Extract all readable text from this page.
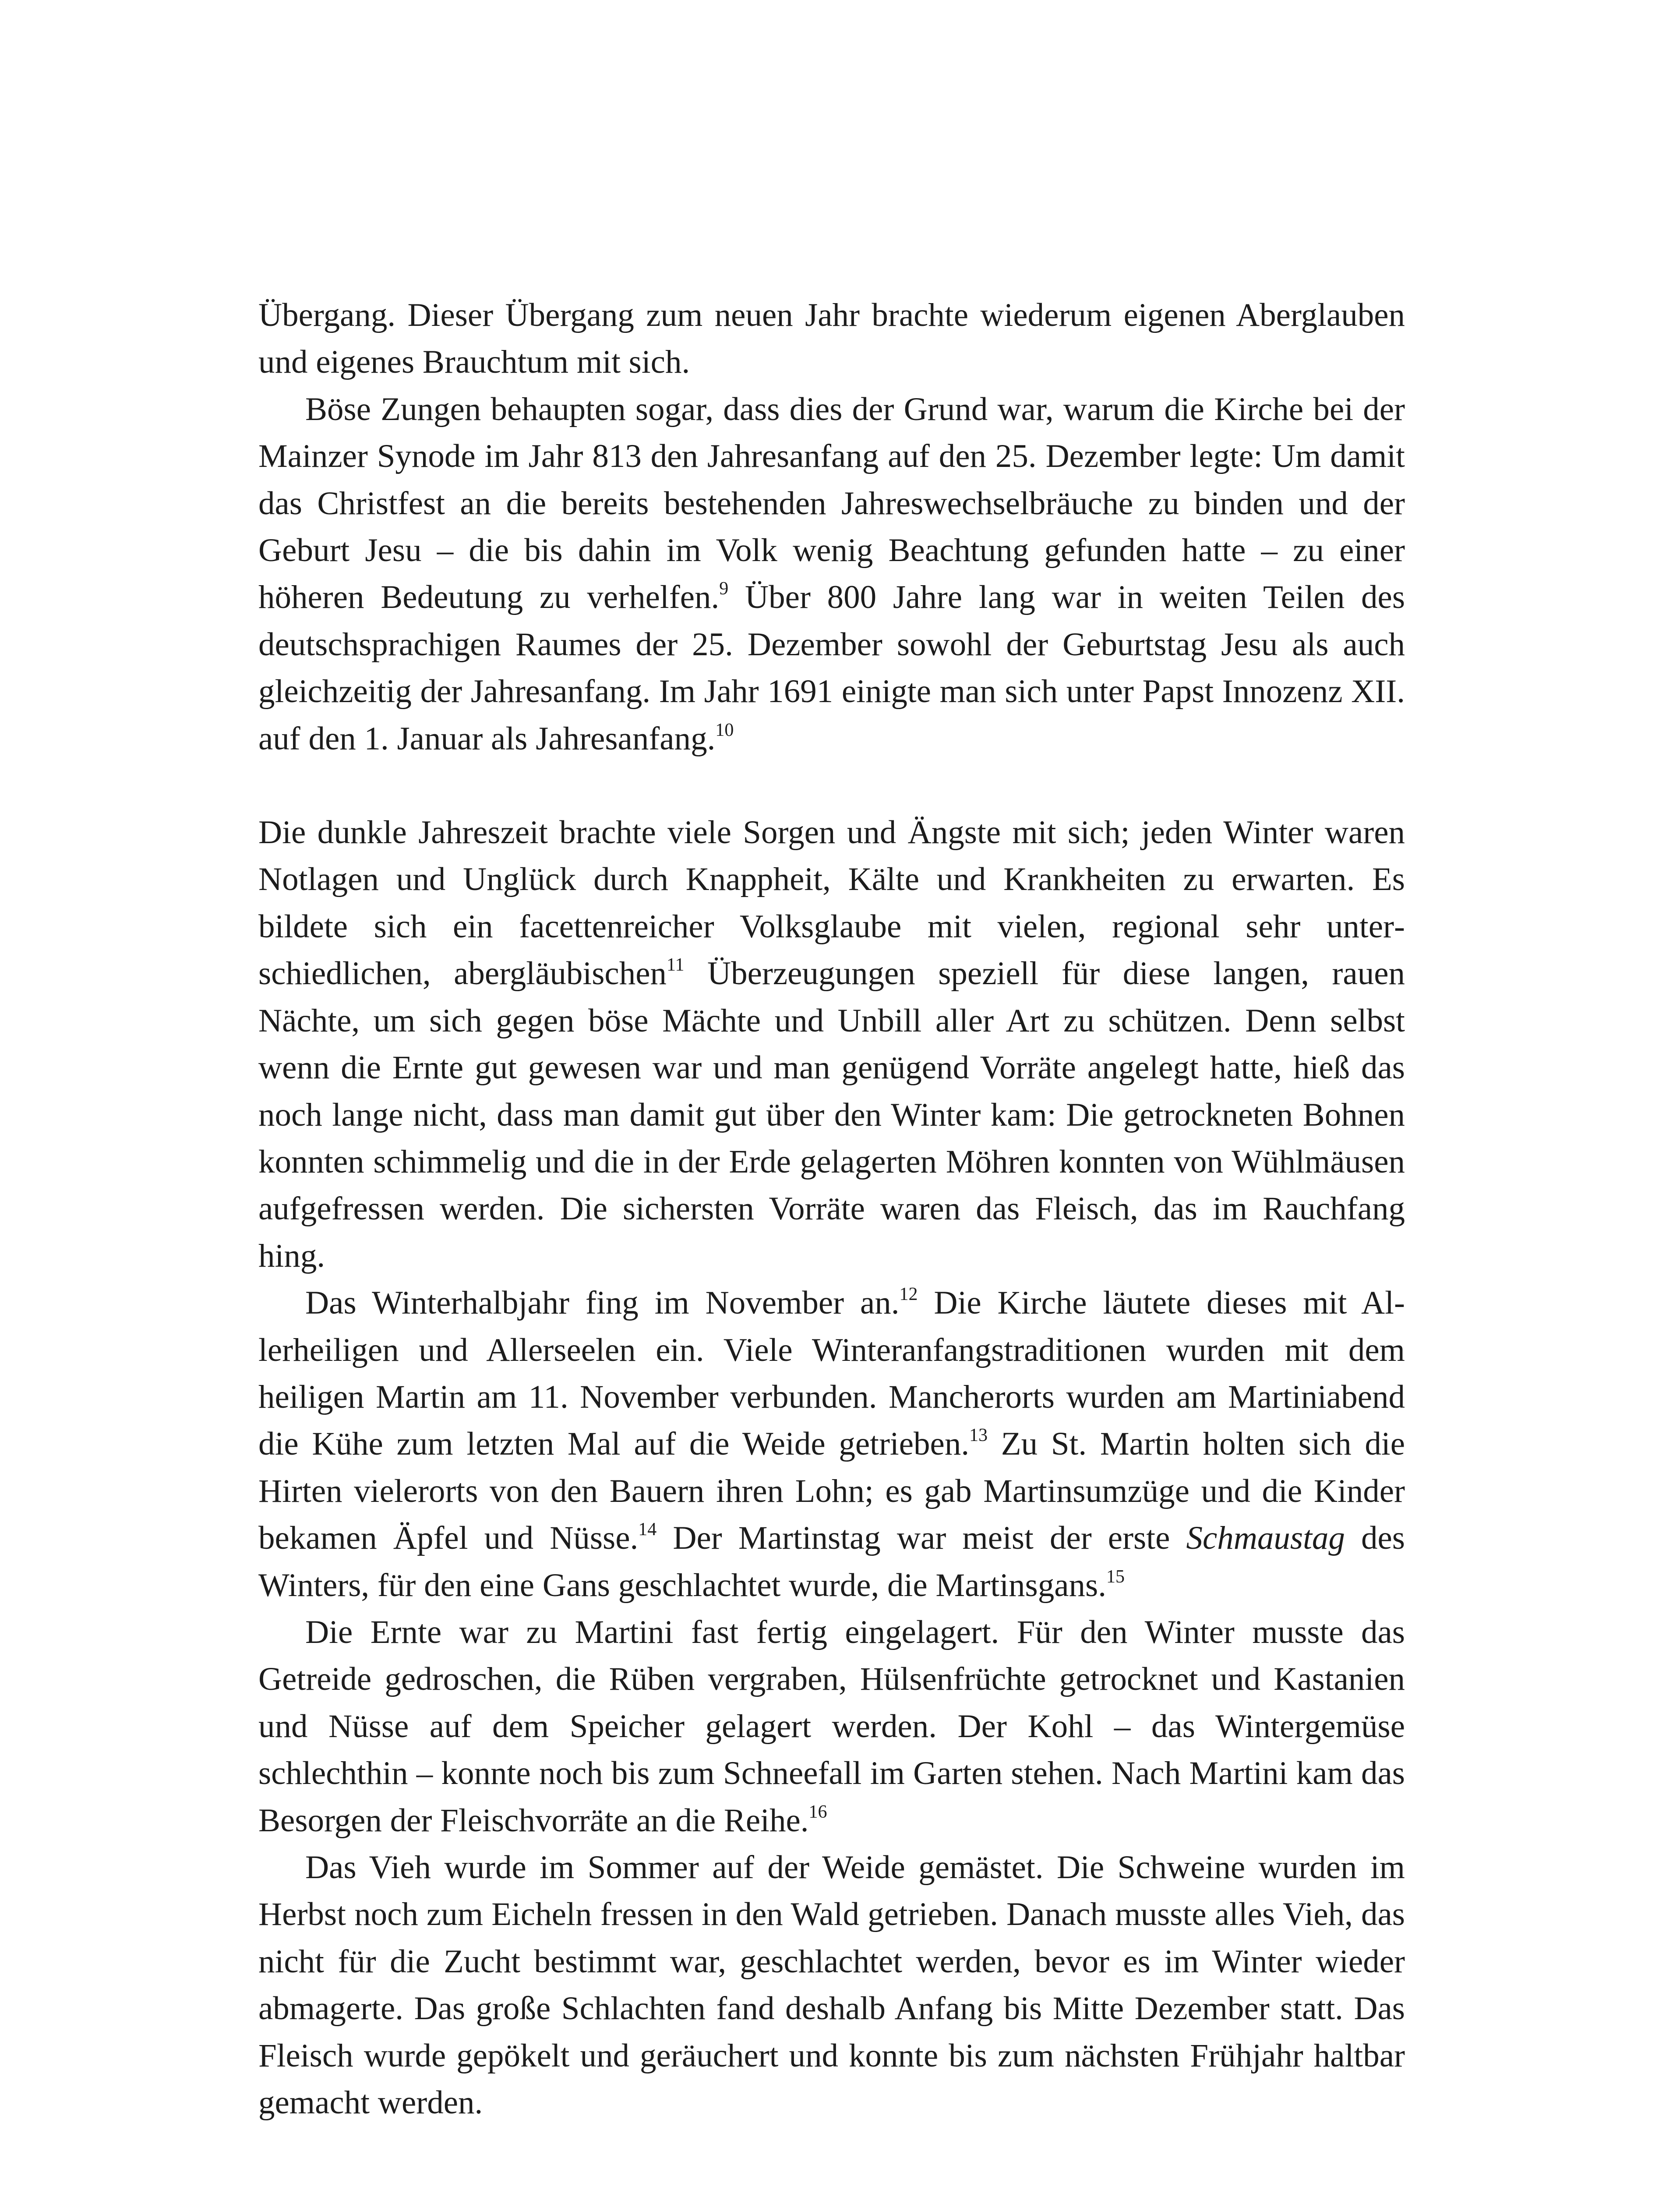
Übergang. Dieser Übergang zum neuen Jahr brachte wiederum eigenen Aberglauben und eigenes Brauchtum mit sich.

Böse Zungen behaupten sogar, dass dies der Grund war, warum die Kirche bei der Mainzer Synode im Jahr 813 den Jahresanfang auf den 25. Dezember legte: Um damit das Christfest an die bereits bestehenden Jahreswechselbräuche zu binden und der Geburt Jesu – die bis dahin im Volk wenig Beachtung gefunden hatte – zu einer höheren Bedeutung zu verhelfen.$^9$ Über 800 Jahre lang war in weiten Teilen des deutschsprachigen Raumes der 25. Dezember sowohl der Geburtstag Jesu als auch gleichzeitig der Jahresanfang. Im Jahr 1691 einigte man sich unter Papst Innozenz XII. auf den 1. Januar als Jahresanfang.$^{10}$

Die dunkle Jahreszeit brachte viele Sorgen und Ängste mit sich; jeden Winter waren Notlagen und Unglück durch Knappheit, Kälte und Krankheiten zu erwarten. Es bildete sich ein facettenreicher Volksglaube mit vielen, regional sehr unterschiedlichen, abergläubischen$^{11}$ Überzeugungen speziell für diese langen, rauen Nächte, um sich gegen böse Mächte und Unbill aller Art zu schützen. Denn selbst wenn die Ernte gut gewesen war und man genügend Vorräte angelegt hatte, hieß das noch lange nicht, dass man damit gut über den Winter kam: Die getrockneten Bohnen konnten schimmelig und die in der Erde gelagerten Möhren konnten von Wühlmäusen aufgefressen werden. Die sichersten Vorräte waren das Fleisch, das im Rauchfang hing.

Das Winterhalbjahr fing im November an.$^{12}$ Die Kirche läutete dieses mit Allerheiligen und Allerseelen ein. Viele Winteranfangstraditionen wurden mit dem heiligen Martin am 11. November verbunden. Mancherorts wurden am Martiniabend die Kühe zum letzten Mal auf die Weide getrieben.$^{13}$ Zu St. Martin holten sich die Hirten vielerorts von den Bauern ihren Lohn; es gab Martinsumzüge und die Kinder bekamen Äpfel und Nüsse.$^{14}$ Der Martinstag war meist der erste Schmaustag des Winters, für den eine Gans geschlachtet wurde, die Martinsgans.$^{15}$

Die Ernte war zu Martini fast fertig eingelagert. Für den Winter musste das Getreide gedroschen, die Rüben vergraben, Hülsenfrüchte getrocknet und Kastanien und Nüsse auf dem Speicher gelagert werden. Der Kohl – das Wintergemüse schlechthin – konnte noch bis zum Schneefall im Garten stehen. Nach Martini kam das Besorgen der Fleischvorräte an die Reihe.$^{16}$

Das Vieh wurde im Sommer auf der Weide gemästet. Die Schweine wurden im Herbst noch zum Eicheln fressen in den Wald getrieben. Danach musste alles Vieh, das nicht für die Zucht bestimmt war, geschlachtet werden, bevor es im Winter wieder abmagerte. Das große Schlachten fand deshalb Anfang bis Mitte Dezember statt. Das Fleisch wurde gepökelt und geräuchert und konnte bis zum nächsten Frühjahr haltbar gemacht werden.
